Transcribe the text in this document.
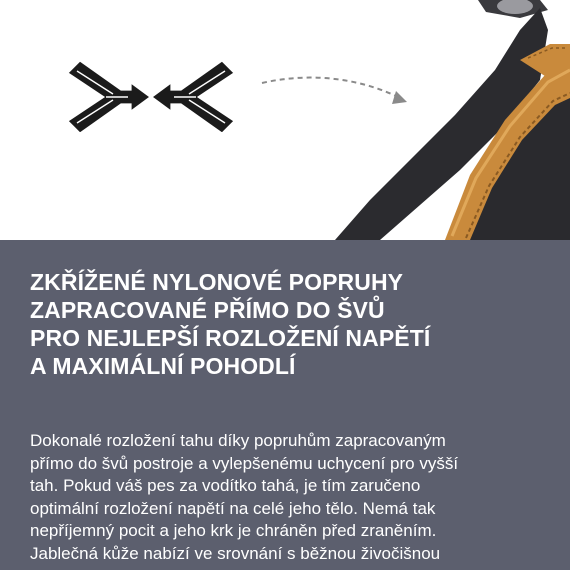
ZKŘÍŽENÉ NYLONOVÉ POPRUHY
ZAPRACOVANÉ PŘÍMO DO ŠVŮ
PRO NEJLEPŠÍ ROZLOŽENÍ NAPĚTÍ
A MAXIMÁLNÍ POHODLÍ

Dokonalé rozložení tahu díky popruhům zapracovaným
přímo do švů postroje a vylepšenému uchycení pro vyšší
tah. Pokud váš pes za vodítko tahá, je tím zaručeno
optimální rozložení napětí na celé jeho tělo. Nemá tak
nepříjemný pocit a jeho krk je chráněn před zraněním.
Jablečná kůže nabízí ve srovnání s běžnou živočišnou
